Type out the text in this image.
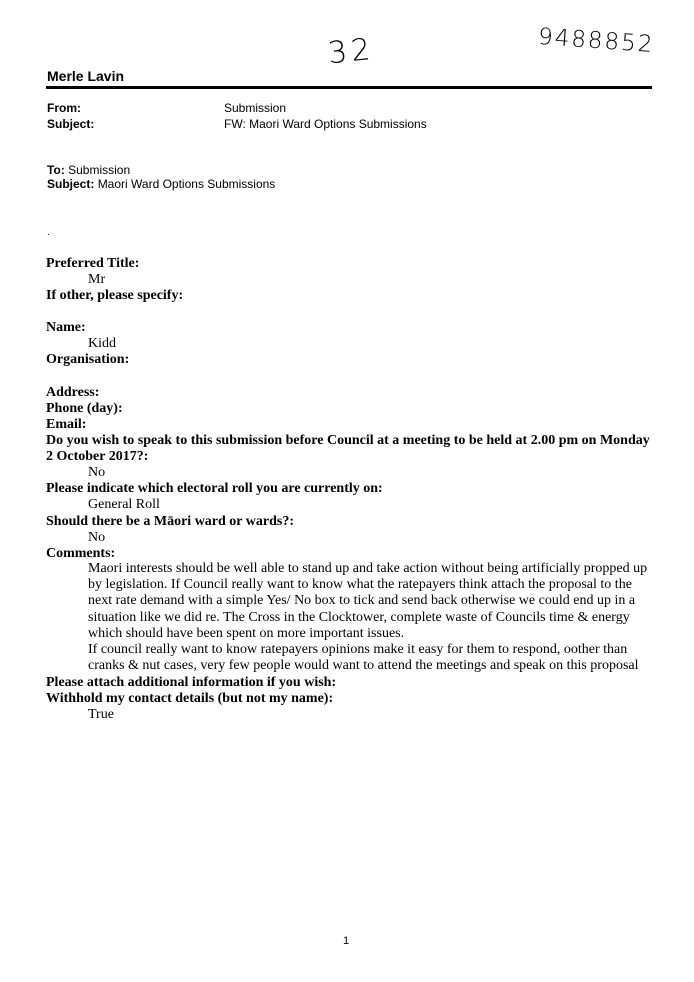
32	9488852
Merle Lavin
From:	Submission
Subject:	FW: Maori Ward Options Submissions
To: Submission
Subject: Maori Ward Options Submissions
.
Preferred Title:
Mr
If other, please specify:
Name:
Kidd
Organisation:
Address:
Phone (day):
Email:
Do you wish to speak to this submission before Council at a meeting to be held at 2.00 pm on Monday
2 October 2017?:
No
Please indicate which electoral roll you are currently on:
General Roll
Should there be a Māori ward or wards?:
No
Comments:
Maori interests should be well able to stand up and take action without being artificially propped up by legislation. If Council really want to know what the ratepayers think attach the proposal to the next rate demand with a simple Yes/ No box to tick and send back otherwise we could end up in a situation like we did re. The Cross in the Clocktower, complete waste of Councils time & energy which should have been spent on more important issues.
If council really want to know ratepayers opinions make it easy for them to respond, oother than cranks & nut cases, very few people would want to attend the meetings and speak on this proposal
Please attach additional information if you wish:
Withhold my contact details (but not my name):
True
1
